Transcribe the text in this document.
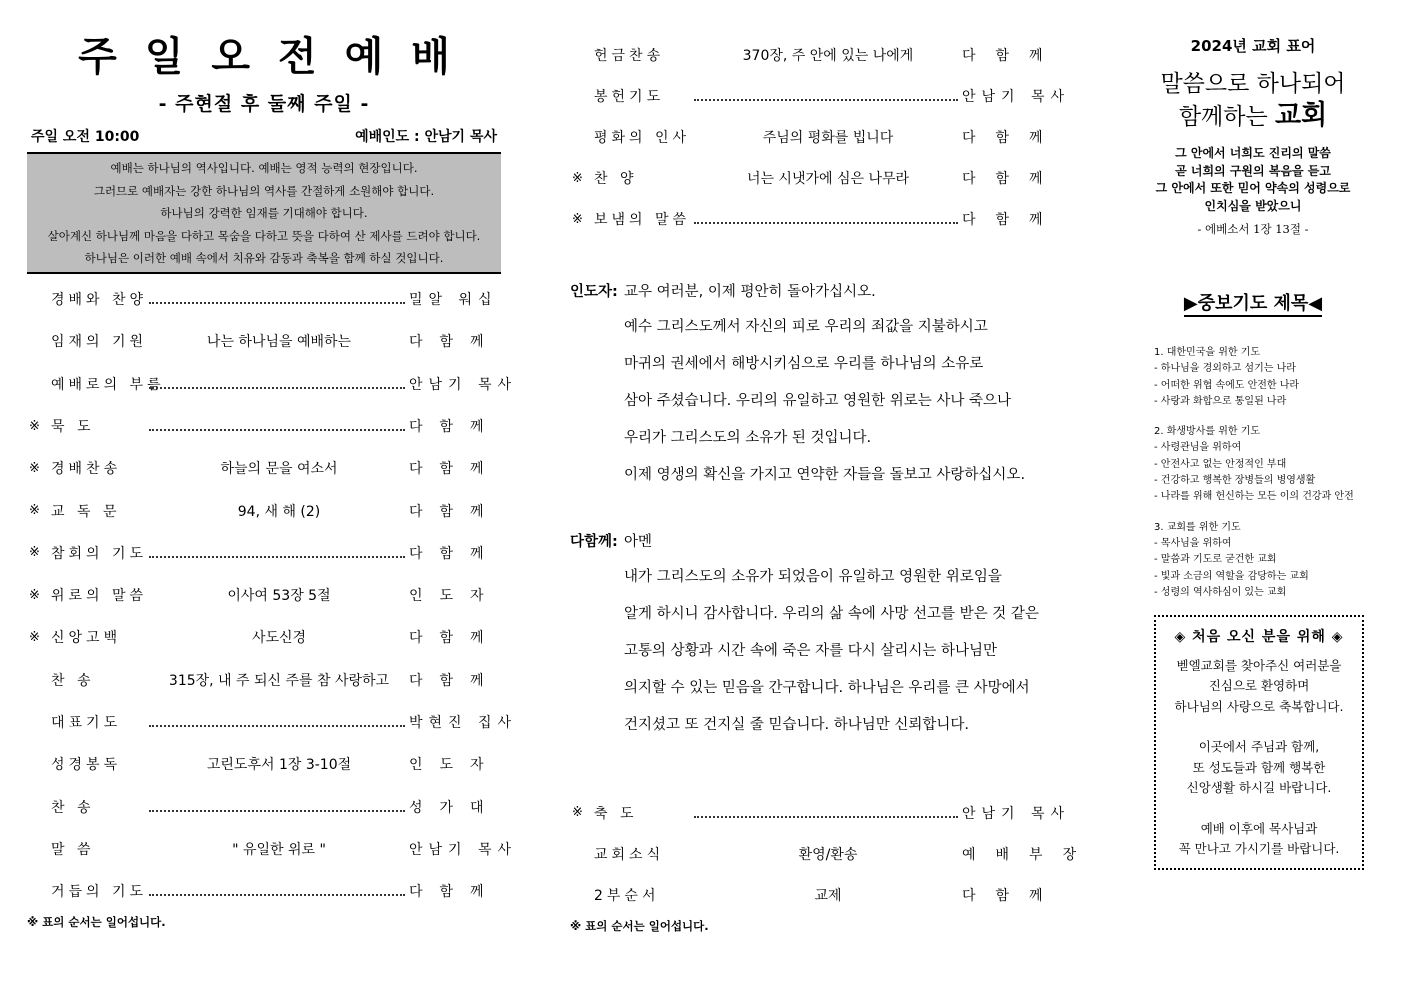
주일오전예배
- 주현절 후 둘째 주일 -
주일 오전 10:00	예배인도 : 안남기 목사
예배는 하나님의 역사입니다. 예배는 영적 능력의 현장입니다.
그러므로 예배자는 강한 하나님의 역사를 간절하게 소원해야 합니다.
하나님의 강력한 임재를 기대해야 합니다.
살아계신 하나님께 마음을 다하고 목숨을 다하고 뜻을 다하여 산 제사를 드려야 합니다.
하나님은 이러한 예배 속에서 치유와 감동과 축복을 함께 하실 것입니다.
경배와 찬양	밀알 워십
임재의 기원	나는 하나님을 예배하는	다함께
예배로의 부름	안남기 목사
※ 묵 도	다함께
※ 경배찬송	하늘의 문을 여소서	다함께
※ 교 독 문	94, 새 해 (2)	다함께
※ 참회의 기도	다함께
※ 위로의 말씀	이사여 53장 5절	인도자
※ 신앙고백	사도신경	다함께
찬 송	315장, 내 주 되신 주를 참 사랑하고	다함께
대표기도	박현진 집사
성경봉독	고린도후서 1장 3-10절	인도자
찬 송	성가대
말 씀	" 유일한 위로 "	안남기 목사
거듭의 기도	다함께
※ 표의 순서는 일어섭니다.
헌금찬송	370장, 주 안에 있는 나에게	다함께
봉헌기도	안남기 목사
평화의 인사	주님의 평화를 빕니다	다함께
※ 찬 양	너는 시냇가에 심은 나무라	다함께
※ 보냄의 말씀	다함께
인도자: 교우 여러분, 이제 평안히 돌아가십시오.
예수 그리스도께서 자신의 피로 우리의 죄값을 지불하시고
마귀의 권세에서 해방시키심으로 우리를 하나님의 소유로
삼아 주셨습니다. 우리의 유일하고 영원한 위로는 사나 죽으나
우리가 그리스도의 소유가 된 것입니다.
이제 영생의 확신을 가지고 연약한 자들을 돌보고 사랑하십시오.
다함께: 아멘
내가 그리스도의 소유가 되었음이 유일하고 영원한 위로임을
알게 하시니 감사합니다. 우리의 삶 속에 사망 선고를 받은 것 같은
고통의 상황과 시간 속에 죽은 자를 다시 살리시는 하나님만
의지할 수 있는 믿음을 간구합니다. 하나님은 우리를 큰 사망에서
건지셨고 또 건지실 줄 믿습니다. 하나님만 신뢰합니다.
※ 축 도	안남기 목사
교회소식	환영/환송	예배부장
2부순서	교제	다함께
※ 표의 순서는 일어섭니다.
2024년 교회 표어
말씀으로 하나되어
함께하는 교회
그 안에서 너희도 진리의 말씀
곧 너희의 구원의 복음을 듣고
그 안에서 또한 믿어 약속의 성령으로
인치심을 받았으니
- 에베소서 1장 13절 -
▶중보기도 제목◀
1. 대한민국을 위한 기도
- 하나님을 경외하고 섬기는 나라
- 어떠한 위협 속에도 안전한 나라
- 사랑과 화합으로 통일된 나라
2. 화생방사를 위한 기도
- 사령관님을 위하여
- 안전사고 없는 안정적인 부대
- 건강하고 행복한 장병들의 병영생활
- 나라를 위해 헌신하는 모든 이의 건강과 안전
3. 교회를 위한 기도
- 목사님을 위하여
- 말씀과 기도로 굳건한 교회
- 빛과 소금의 역할을 감당하는 교회
- 성령의 역사하심이 있는 교회
◈ 처음 오신 분을 위해 ◈
벧엘교회를 찾아주신 여러분을
진심으로 환영하며
하나님의 사랑으로 축복합니다.
이곳에서 주님과 함께,
또 성도들과 함께 행복한
신앙생활 하시길 바랍니다.
예배 이후에 목사님과
꼭 만나고 가시기를 바랍니다.
